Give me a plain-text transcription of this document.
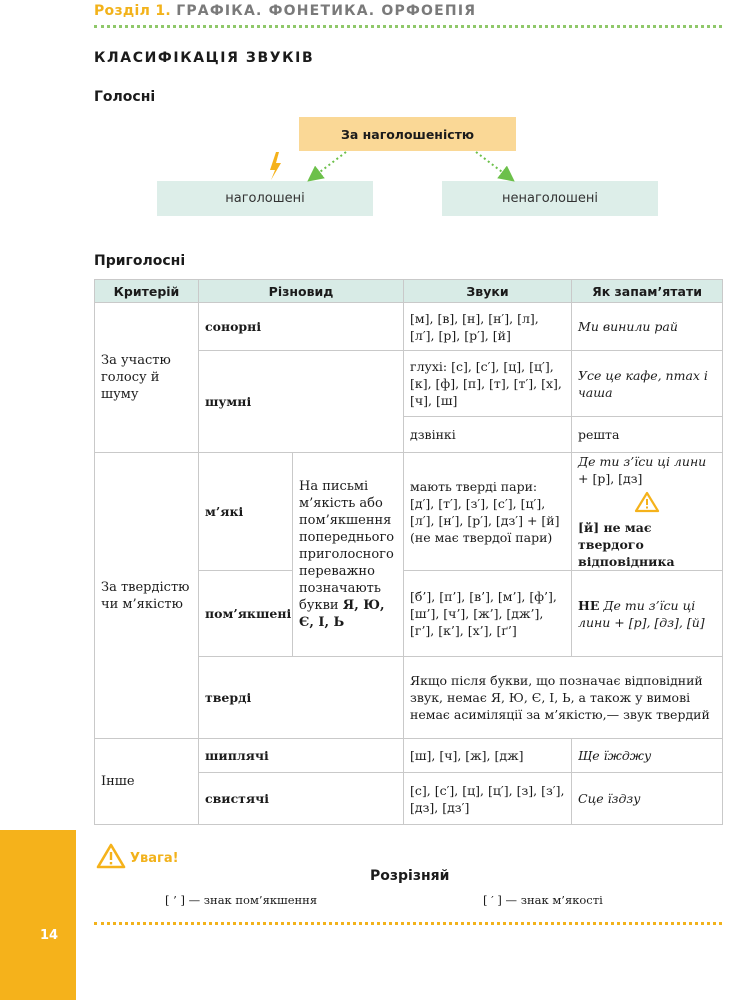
Розділ 1. ГРАФІКА. ФОНЕТИКА. ОРФОЕПІЯ
КЛАСИФІКАЦІЯ ЗВУКІВ
Голосні
За наголошеністю
наголошені	ненаголошені
Приголосні
Критерій	Різновид		Звуки	Як запам’ятати
За участю голосу й шуму	сонорні		[м], [в], [н], [н′], [л], [л′], [р], [р′], [й]	Ми винили рай
	шумні		глухі: [с], [с′], [ц], [ц′], [к], [ф], [п], [т], [т′], [х], [ч], [ш]	Усе це кафе, птах і чаша
			дзвінкі	решта
За твердістю чи м’якістю	м’які	На письмі м’якість або пом’якшення попереднього приголосного переважно позначають букви Я, Ю, Є, І, Ь	мають тверді пари: [д′], [т′], [з′], [с′], [ц′], [л′], [н′], [р′], [дз′] + [й] (не має твердої пари)	Де ти з’їси ці лини
+ [р], [дз]
[й] не має твердого відповідника

	пом’якшені		[б’], [п’], [в’], [м’], [ф’], [ш’], [ч’], [ж’], [дж’], [г’], [к’], [х’], [ґ’]	НЕ Де ти з’їси ці лини + [р], [дз], [й]
	тверді		Якщо після букви, що позначає відповідний звук, немає Я, Ю, Є, І, Ь, а також у вимові немає асиміляції за м’якістю,— звук твердий	
Інше	шиплячі		[ш], [ч], [ж], [дж]	Ще їжджу
	свистячі		[с], [с′], [ц], [ц′], [з], [з′], [дз], [дз′]	Сце їздзу
Увага!
Розрізняй
[ ’ ] — знак пом’якшення	[ ′ ] — знак м’якості
14
